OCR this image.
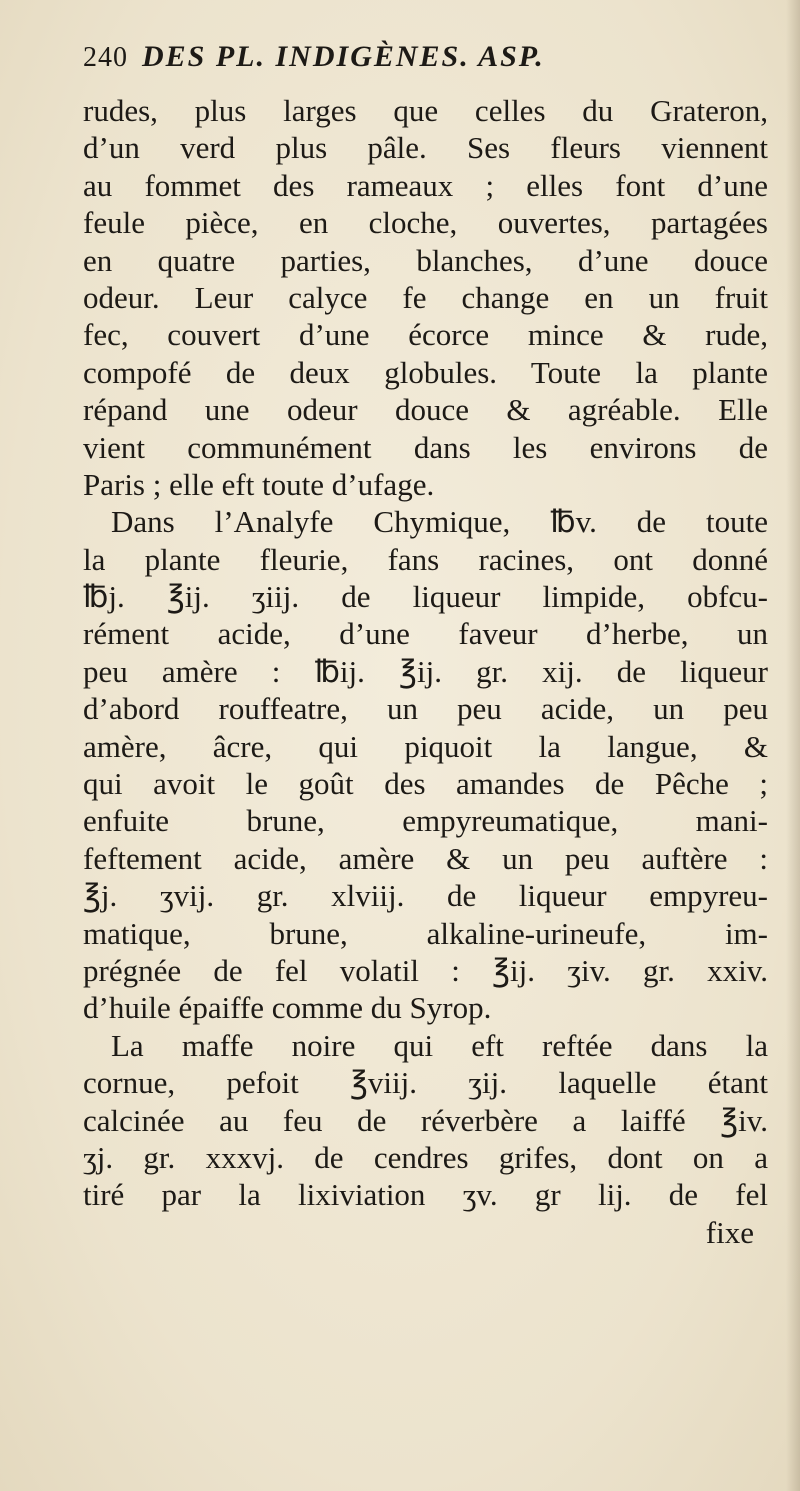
240 DES PL. INDIGÈNES. ASP.
rudes, plus larges que celles du Grateron,
d’un verd plus pâle. Ses fleurs viennent
au fommet des rameaux ; elles font d’une
feule pièce, en cloche, ouvertes, partagées
en quatre parties, blanches, d’une douce
odeur. Leur calyce fe change en un fruit
fec, couvert d’une écorce mince & rude,
compofé de deux globules. Toute la plante
répand une odeur douce & agréable. Elle
vient communément dans les environs de
Paris ; elle eft toute d’ufage.
Dans l’Analyfe Chymique, ℔v. de toute
la plante fleurie, fans racines, ont donné
℔j. ℥ij. ʒiij. de liqueur limpide, obfcu-
rément acide, d’une faveur d’herbe, un
peu amère : ℔ij. ℥ij. gr. xij. de liqueur
d’abord rouffeatre, un peu acide, un peu
amère, âcre, qui piquoit la langue, &
qui avoit le goût des amandes de Pêche ;
enfuite brune, empyreumatique, mani-
feftement acide, amère & un peu auftère :
℥j. ʒvij. gr. xlviij. de liqueur empyreu-
matique, brune, alkaline-urineufe, im-
prégnée de fel volatil : ℥ij. ʒiv. gr. xxiv.
d’huile épaiffe comme du Syrop.
La maffe noire qui eft reftée dans la
cornue, pefoit ℥viij. ʒij. laquelle étant
calcinée au feu de réverbère a laiffé ℥iv.
ʒj. gr. xxxvj. de cendres grifes, dont on a
tiré par la lixiviation ʒv. gr lij. de fel
fixe
